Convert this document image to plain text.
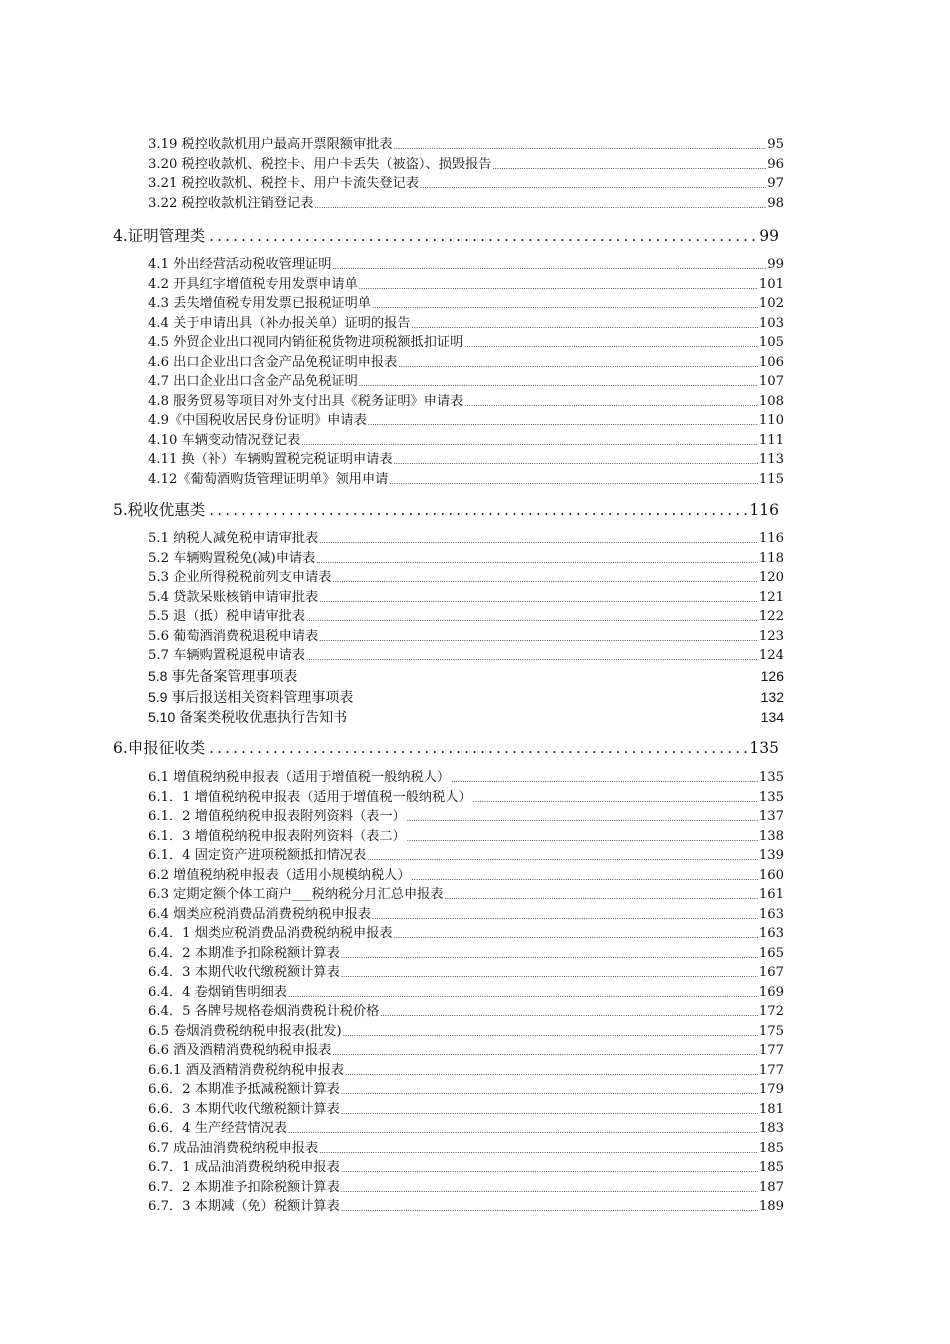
3.19 税控收款机用户最高开票限额审批表 .....	95
3.20 税控收款机、税控卡、用户卡丢失（被盗）、损毁报告 .....	96
3.21 税控收款机、税控卡、用户卡流失登记表 .....	97
3.22 税控收款机注销登记表 .....	98
4.证明管理类 .....	99
4.1 外出经营活动税收管理证明 .....	99
4.2 开具红字增值税专用发票申请单 .....	101
4.3 丢失增值税专用发票已报税证明单 .....	102
4.4 关于申请出具（补办报关单）证明的报告 .....	103
4.5 外贸企业出口视同内销征税货物进项税额抵扣证明 .....	105
4.6 出口企业出口含金产品免税证明申报表 .....	106
4.7 出口企业出口含金产品免税证明 .....	107
4.8 服务贸易等项目对外支付出具《税务证明》申请表 .....	108
4.9《中国税收居民身份证明》申请表 .....	110
4.10 车辆变动情况登记表 .....	111
4.11 换（补）车辆购置税完税证明申请表 .....	113
4.12《葡萄酒购货管理证明单》领用申请 .....	115
5.税收优惠类 .....	116
5.1 纳税人减免税申请审批表 .....	116
5.2 车辆购置税免(减)申请表 .....	118
5.3 企业所得税税前列支申请表 .....	120
5.4 贷款呆账核销申请审批表 .....	121
5.5 退（抵）税申请审批表 .....	122
5.6 葡萄酒消费税退税申请表 .....	123
5.7 车辆购置税退税申请表 .....	124
5.8 事先备案管理事项表	126
5.9 事后报送相关资料管理事项表	132
5.10 备案类税收优惠执行告知书	134
6.申报征收类 .....	135
6.1 增值税纳税申报表（适用于增值税一般纳税人） .....	135
6.1．1 增值税纳税申报表（适用于增值税一般纳税人） .....	135
6.1．2 增值税纳税申报表附列资料（表一） .....	137
6.1．3 增值税纳税申报表附列资料（表二） .....	138
6.1．4 固定资产进项税额抵扣情况表 .....	139
6.2 增值税纳税申报表（适用小规模纳税人） .....	160
6.3 定期定额个体工商户___税纳税分月汇总申报表 .....	161
6.4 烟类应税消费品消费税纳税申报表 .....	163
6.4．1 烟类应税消费品消费税纳税申报表 .....	163
6.4．2 本期准予扣除税额计算表 .....	165
6.4．3 本期代收代缴税额计算表 .....	167
6.4．4 卷烟销售明细表 .....	169
6.4．5 各牌号规格卷烟消费税计税价格 .....	172
6.5 卷烟消费税纳税申报表(批发) .....	175
6.6 酒及酒精消费税纳税申报表 .....	177
6.6.1 酒及酒精消费税纳税申报表 .....	177
6.6．2 本期准予抵减税额计算表 .....	179
6.6．3 本期代收代缴税额计算表 .....	181
6.6．4 生产经营情况表 .....	183
6.7 成品油消费税纳税申报表 .....	185
6.7．1 成品油消费税纳税申报表 .....	185
6.7．2 本期准予扣除税额计算表 .....	187
6.7．3 本期减（免）税额计算表 .....	189
